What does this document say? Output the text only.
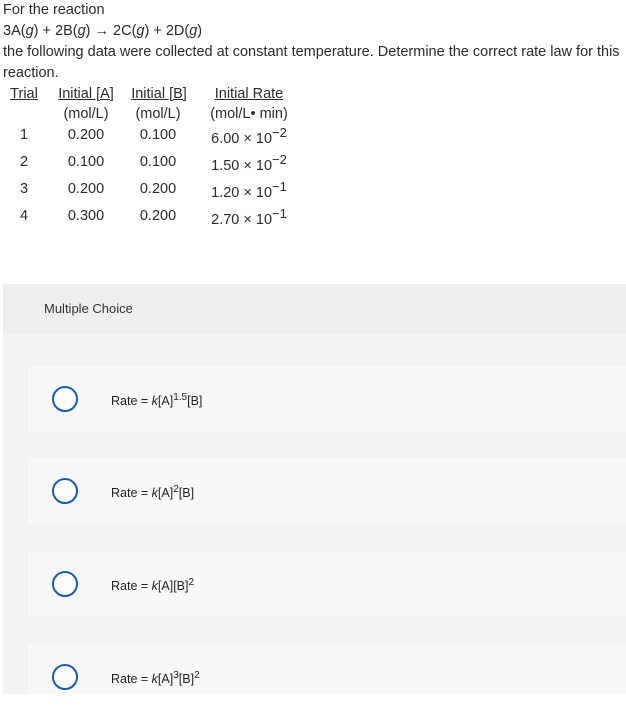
For the reaction
3A(g) + 2B(g) → 2C(g) + 2D(g)
the following data were collected at constant temperature. Determine the correct rate law for this reaction.
Trial Initial [A] Initial [B] Initial Rate
(mol/L) (mol/L) (mol/L• min)
1	0.200 0.100 $6.00 \times 10^{-2}$
2	0.100 0.100 $1.50 \times 10^{-2}$
3	0.200 0.200 $1.20 \times 10^{-1}$
4	0.300 0.200 $2.70 \times 10^{-1}$
Multiple Choice
Rate = $k[A]^{1.5}[B]$
Rate = $k[A]^2[B]$
Rate = $k[A][B]^2$
Rate = $k[A]^3[B]^2$
